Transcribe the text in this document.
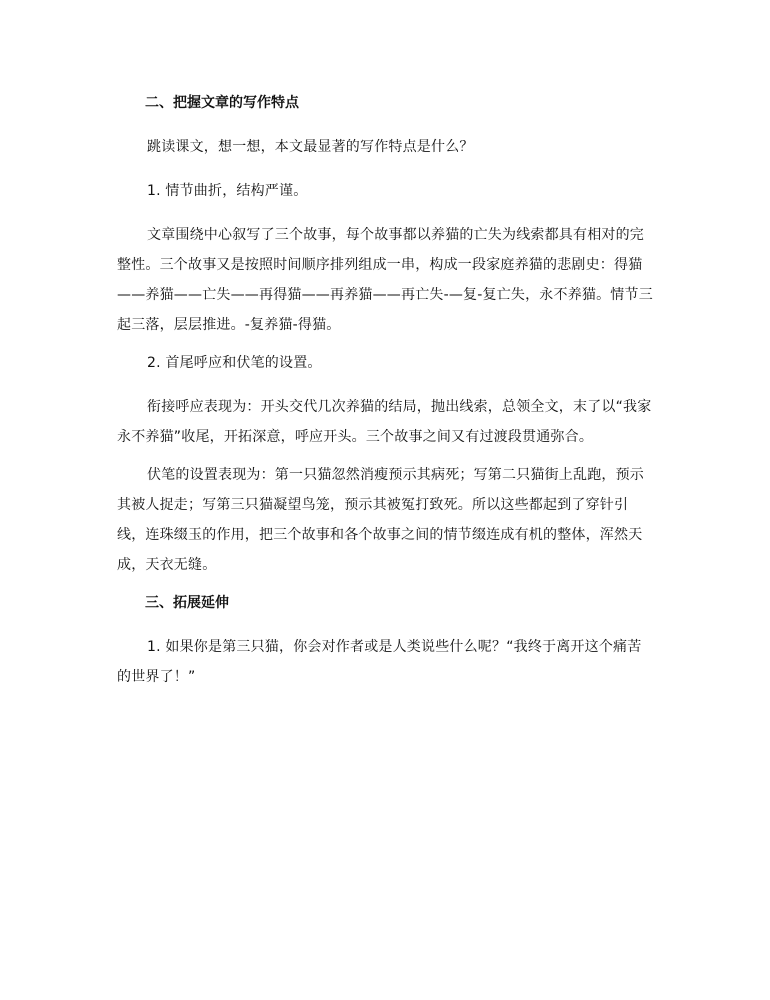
二、把握文章的写作特点

跳读课文，想一想，本文最显著的写作特点是什么？

1. 情节曲折，结构严谨。

文章围绕中心叙写了三个故事，每个故事都以养猫的亡失为线索都具有相对的完整性。三个故事又是按照时间顺序排列组成一串，构成一段家庭养猫的悲剧史：得猫——养猫——亡失——再得猫——再养猫——再亡失-—复-复亡失，永不养猫。情节三起三落，层层推进。-复养猫-得猫。

2. 首尾呼应和伏笔的设置。

衔接呼应表现为：开头交代几次养猫的结局，抛出线索，总领全文，末了以“我家永不养猫”收尾，开拓深意，呼应开头。三个故事之间又有过渡段贯通弥合。

伏笔的设置表现为：第一只猫忽然消瘦预示其病死；写第二只猫街上乱跑，预示其被人捉走；写第三只猫凝望鸟笼，预示其被冤打致死。所以这些都起到了穿针引线，连珠缀玉的作用，把三个故事和各个故事之间的情节缀连成有机的整体，浑然天成，天衣无缝。

三、拓展延伸

1. 如果你是第三只猫，你会对作者或是人类说些什么呢？“我终于离开这个痛苦的世界了！”
